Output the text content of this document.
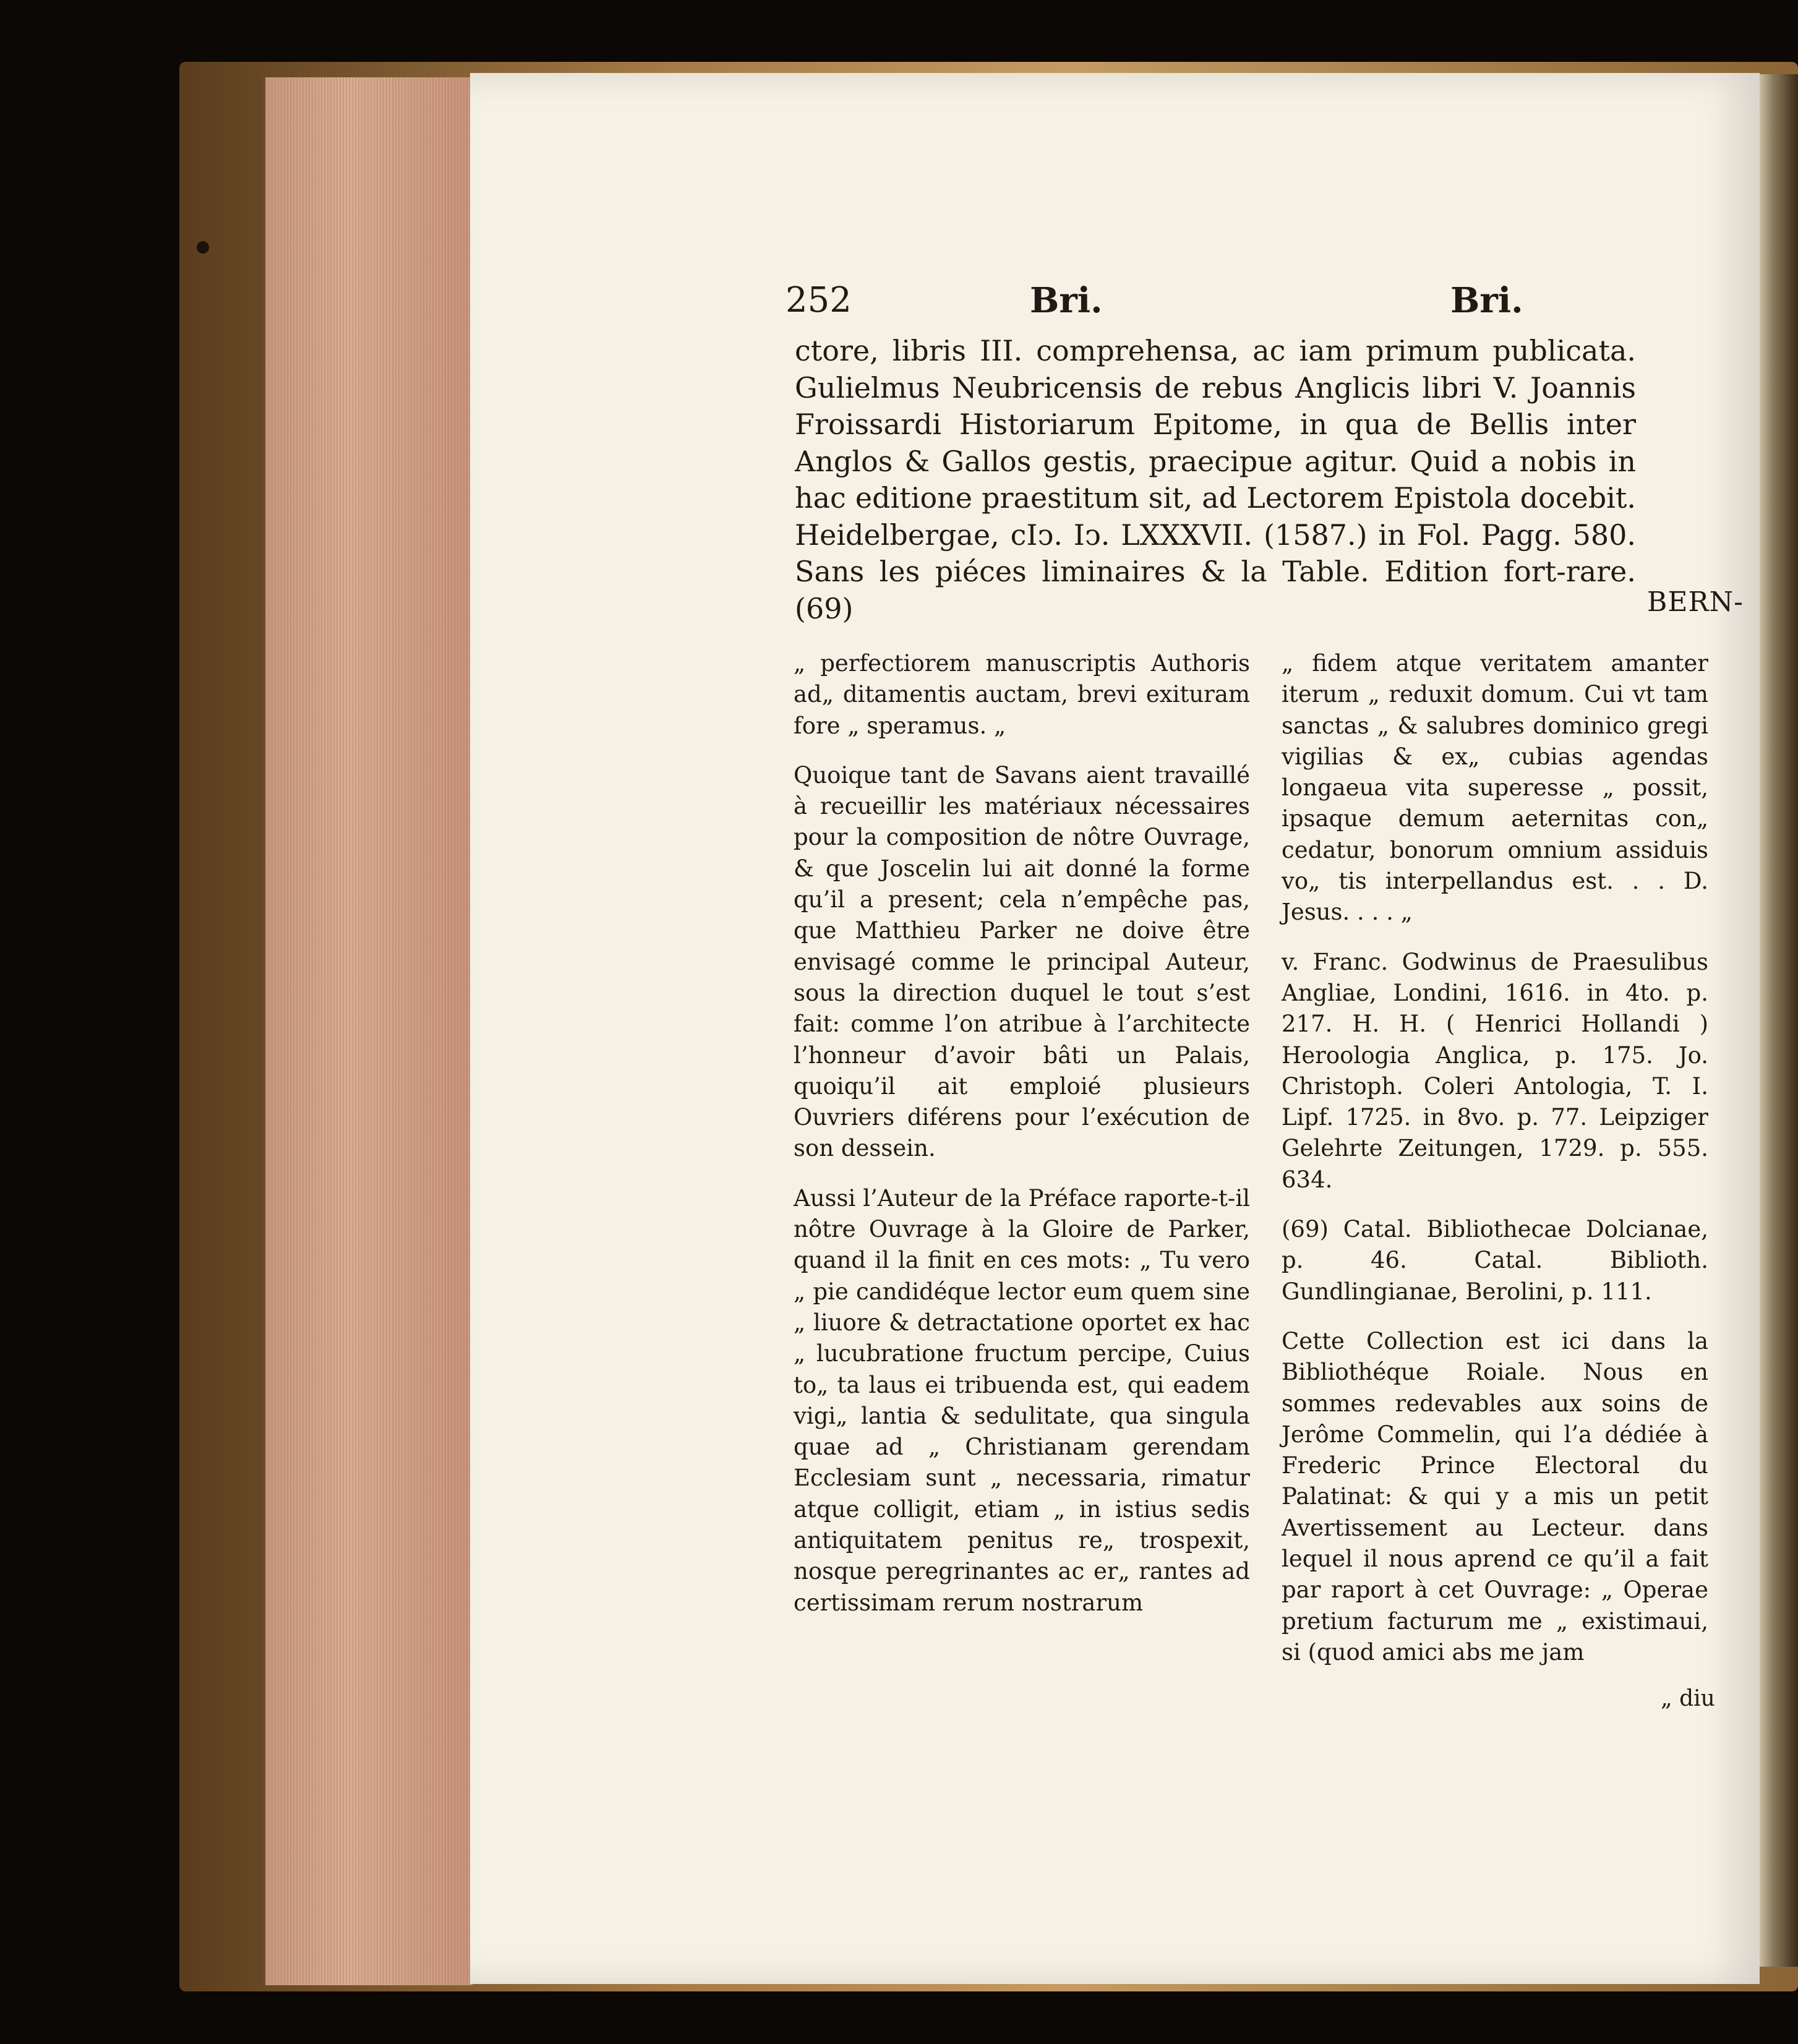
252	Bri.	Bri.

ctore, libris III. comprehensa, ac iam primum publicata. Gulielmus Neubricensis de rebus Anglicis libri V. Joannis Froissardi Historiarum Epitome, in qua de Bellis inter Anglos & Gallos gestis, praecipue agitur. Quid a nobis in hac editione praestitum sit, ad Lectorem Epistola docebit. Heidelbergae, cIↄ. Iↄ. LXXXVII. (1587.) in Fol. Pagg. 580. Sans les piéces liminaires & la Table. Edition fort-rare. (69)	BERN-

„ perfectiorem manuscriptis Authoris ad„ ditamentis auctam, brevi exituram fore „ speramus. „

Quoique tant de Savans aient travaillé à recueillir les matériaux nécessaires pour la composition de nôtre Ouvrage, & que Joscelin lui ait donné la forme qu’il a present; cela n’empêche pas, que Matthieu Parker ne doive être envisagé comme le principal Auteur, sous la direction duquel le tout s’est fait: comme l’on atribue à l’architecte l’honneur d’avoir bâti un Palais, quoiqu’il ait emploié plusieurs Ouvriers diférens pour l’exécution de son dessein.

Aussi l’Auteur de la Préface raporte-t-il nôtre Ouvrage à la Gloire de Parker, quand il la finit en ces mots: „ Tu vero „ pie candidéque lector eum quem sine „ liuore & detractatione oportet ex hac „ lucubratione fructum percipe, Cuius to„ ta laus ei tribuenda est, qui eadem vigi„ lantia & sedulitate, qua singula quae ad „ Christianam gerendam Ecclesiam sunt „ necessaria, rimatur atque colligit, etiam „ in istius sedis antiquitatem penitus re„ trospexit, nosque peregrinantes ac er„ rantes ad certissimam rerum nostrarum

„ fidem atque veritatem amanter iterum „ reduxit domum. Cui vt tam sanctas „ & salubres dominico gregi vigilias & ex„ cubias agendas longaeua vita superesse „ possit, ipsaque demum aeternitas con„ cedatur, bonorum omnium assiduis vo„ tis interpellandus est. . . D. Jesus. . . . „

v. Franc. Godwinus de Praesulibus Angliae, Londini, 1616. in 4to. p. 217. H. H. ( Henrici Hollandi ) Heroologia Anglica, p. 175. Jo. Christoph. Coleri Antologia, T. I. Lipf. 1725. in 8vo. p. 77. Leipziger Gelehrte Zeitungen, 1729. p. 555. 634.

(69) Catal. Bibliothecae Dolcianae, p. 46. Catal. Biblioth. Gundlingianae, Berolini, p. 111.

Cette Collection est ici dans la Bibliothéque Roiale. Nous en sommes redevables aux soins de Jerôme Commelin, qui l’a dédiée à Frederic Prince Electoral du Palatinat: & qui y a mis un petit Avertissement au Lecteur. dans lequel il nous aprend ce qu’il a fait par raport à cet Ouvrage: „ Operae pretium facturum me „ existimaui, si (quod amici abs me jam

„ diu
